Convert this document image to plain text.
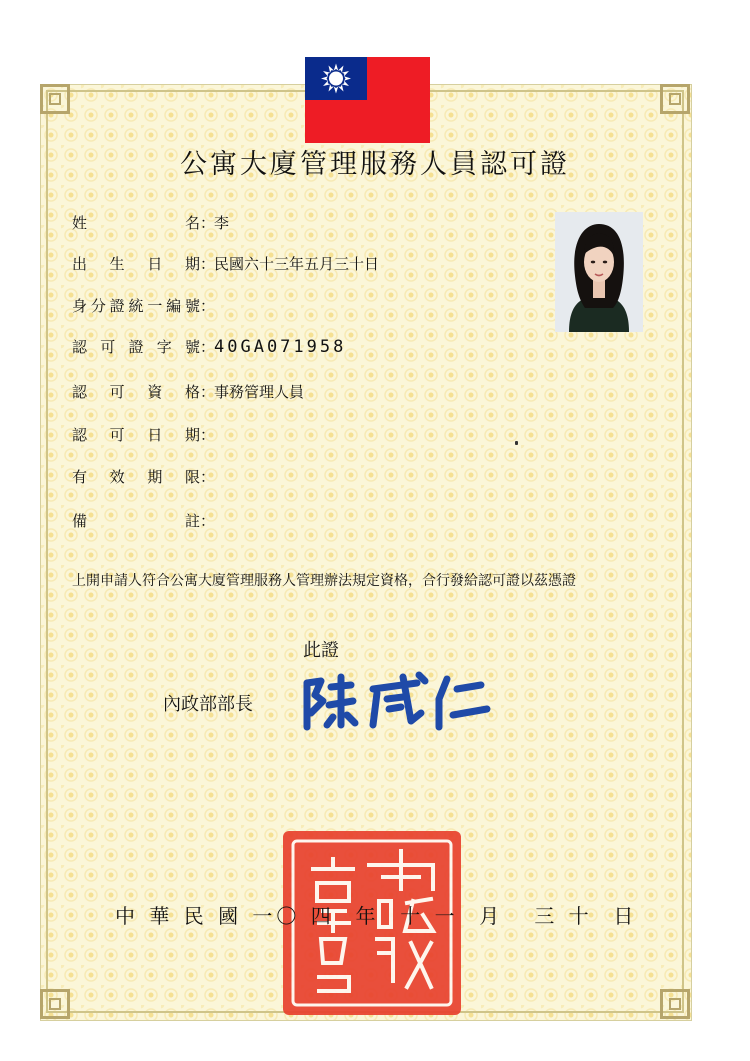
公寓大廈管理服務人員認可證
姓名：李
出生日期：民國六十三年五月三十日
身分證統一編號：
認可證字號：40GA071958
認可資格：事務管理人員
認可日期：
有效期限：
備註：
上開申請人符合公寓大廈管理服務人管理辦法規定資格，合行發給認可證以茲憑證
此證
內政部部長
中 華 民 國 一〇 四  年  十 一  月   三 十  日
